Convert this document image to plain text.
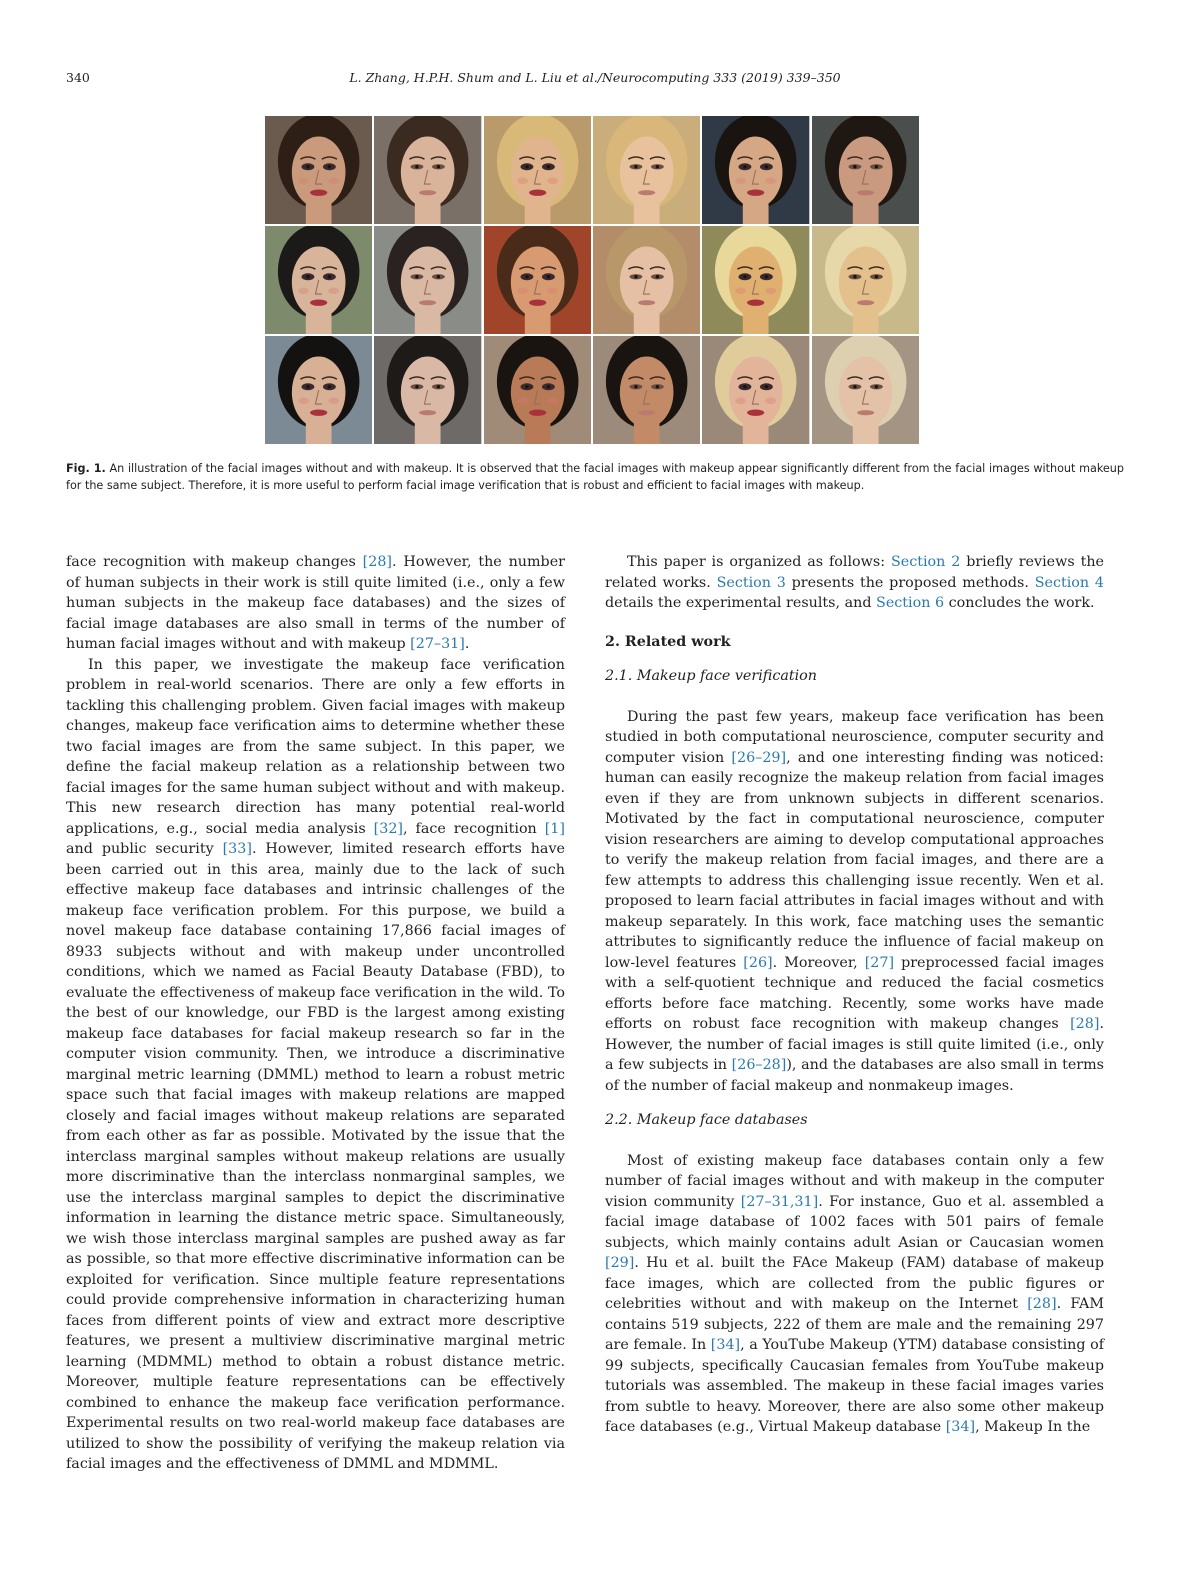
340	L. Zhang, H.P.H. Shum and L. Liu et al./Neurocomputing 333 (2019) 339–350
Fig. 1. An illustration of the facial images without and with makeup. It is observed that the facial images with makeup appear significantly different from the facial images without makeup for the same subject. Therefore, it is more useful to perform facial image verification that is robust and efficient to facial images with makeup.

face recognition with makeup changes [28]. However, the number of human subjects in their work is still quite limited (i.e., only a few human subjects in the makeup face databases) and the sizes of facial image databases are also small in terms of the number of human facial images without and with makeup [27–31].

In this paper, we investigate the makeup face verification problem in real-world scenarios. There are only a few efforts in tackling this challenging problem. Given facial images with makeup changes, makeup face verification aims to determine whether these two facial images are from the same subject. In this paper, we define the facial makeup relation as a relationship between two facial images for the same human subject without and with makeup. This new research direction has many potential real-world applications, e.g., social media analysis [32], face recognition [1] and public security [33]. However, limited research efforts have been carried out in this area, mainly due to the lack of such effective makeup face databases and intrinsic challenges of the makeup face verification problem. For this purpose, we build a novel makeup face database containing 17,866 facial images of 8933 subjects without and with makeup under uncontrolled conditions, which we named as Facial Beauty Database (FBD), to evaluate the effectiveness of makeup face verification in the wild. To the best of our knowledge, our FBD is the largest among existing makeup face databases for facial makeup research so far in the computer vision community. Then, we introduce a discriminative marginal metric learning (DMML) method to learn a robust metric space such that facial images with makeup relations are mapped closely and facial images without makeup relations are separated from each other as far as possible. Motivated by the issue that the interclass marginal samples without makeup relations are usually more discriminative than the interclass nonmarginal samples, we use the interclass marginal samples to depict the discriminative information in learning the distance metric space. Simultaneously, we wish those interclass marginal samples are pushed away as far as possible, so that more effective discriminative information can be exploited for verification. Since multiple feature representations could provide comprehensive information in characterizing human faces from different points of view and extract more descriptive features, we present a multiview discriminative marginal metric learning (MDMML) method to obtain a robust distance metric. Moreover, multiple feature representations can be effectively combined to enhance the makeup face verification performance. Experimental results on two real-world makeup face databases are utilized to show the possibility of verifying the makeup relation via facial images and the effectiveness of DMML and MDMML.

This paper is organized as follows: Section 2 briefly reviews the related works. Section 3 presents the proposed methods. Section 4 details the experimental results, and Section 6 concludes the work.

2. Related work

2.1. Makeup face verification

During the past few years, makeup face verification has been studied in both computational neuroscience, computer security and computer vision [26–29], and one interesting finding was noticed: human can easily recognize the makeup relation from facial images even if they are from unknown subjects in different scenarios. Motivated by the fact in computational neuroscience, computer vision researchers are aiming to develop computational approaches to verify the makeup relation from facial images, and there are a few attempts to address this challenging issue recently. Wen et al. proposed to learn facial attributes in facial images without and with makeup separately. In this work, face matching uses the semantic attributes to significantly reduce the influence of facial makeup on low-level features [26]. Moreover, [27] preprocessed facial images with a self-quotient technique and reduced the facial cosmetics efforts before face matching. Recently, some works have made efforts on robust face recognition with makeup changes [28]. However, the number of facial images is still quite limited (i.e., only a few subjects in [26–28]), and the databases are also small in terms of the number of facial makeup and nonmakeup images.

2.2. Makeup face databases

Most of existing makeup face databases contain only a few number of facial images without and with makeup in the computer vision community [27–31,31]. For instance, Guo et al. assembled a facial image database of 1002 faces with 501 pairs of female subjects, which mainly contains adult Asian or Caucasian women [29]. Hu et al. built the FAce Makeup (FAM) database of makeup face images, which are collected from the public figures or celebrities without and with makeup on the Internet [28]. FAM contains 519 subjects, 222 of them are male and the remaining 297 are female. In [34], a YouTube Makeup (YTM) database consisting of 99 subjects, specifically Caucasian females from YouTube makeup tutorials was assembled. The makeup in these facial images varies from subtle to heavy. Moreover, there are also some other makeup face databases (e.g., Virtual Makeup database [34], Makeup In the
